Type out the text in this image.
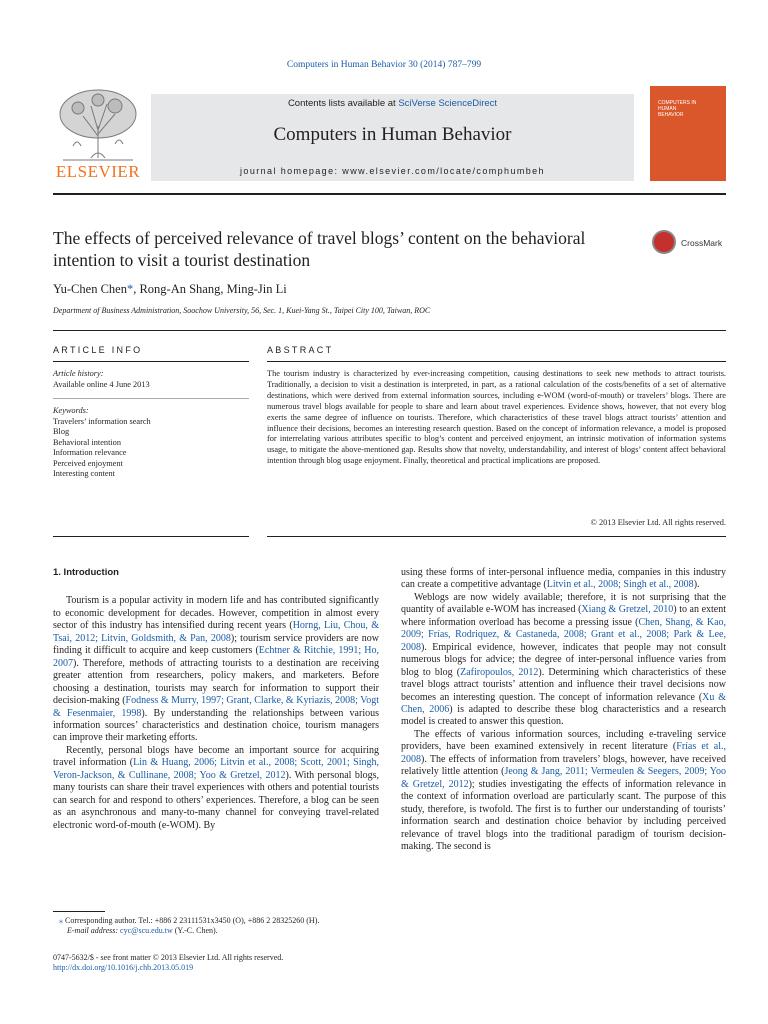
Computers in Human Behavior 30 (2014) 787–799
ELSEVIER
Contents lists available at SciVerse ScienceDirect
Computers in Human Behavior
journal homepage: www.elsevier.com/locate/comphumbeh
COMPUTERS IN HUMAN BEHAVIOR
The effects of perceived relevance of travel blogs’ content on the behavioral intention to visit a tourist destination
CrossMark
Yu-Chen Chen*, Rong-An Shang, Ming-Jin Li
Department of Business Administration, Soochow University, 56, Sec. 1, Kuei-Yang St., Taipei City 100, Taiwan, ROC
ARTICLE INFO	ABSTRACT
Article history:
Available online 4 June 2013
Keywords:
Travelers’ information search
Blog
Behavioral intention
Information relevance
Perceived enjoyment
Interesting content
The tourism industry is characterized by ever-increasing competition, causing destinations to seek new methods to attract tourists. Traditionally, a decision to visit a destination is interpreted, in part, as a rational calculation of the costs/benefits of a set of alternative destinations, which were derived from external information sources, including e-WOM (word-of-mouth) or travelers’ blogs. There are numerous travel blogs available for people to share and learn about travel experiences. Evidence shows, however, that not every blog exerts the same degree of influence on tourists. Therefore, which characteristics of these travel blogs attract tourists’ attention and influence their decisions, becomes an interesting research question. Based on the concept of information relevance, a model is proposed for interrelating various attributes specific to blog’s content and perceived enjoyment, an intrinsic motivation of information systems usage, to mitigate the above-mentioned gap. Results show that novelty, understandability, and interest of blogs’ content affect behavioral intention through blog usage enjoyment. Finally, theoretical and practical implications are proposed.
© 2013 Elsevier Ltd. All rights reserved.

1. Introduction

Tourism is a popular activity in modern life and has contributed significantly to economic development for decades. However, competition in almost every sector of this industry has intensified during recent years (Horng, Liu, Chou, & Tsai, 2012; Litvin, Goldsmith, & Pan, 2008); tourism service providers are now finding it difficult to acquire and keep customers (Echtner & Ritchie, 1991; Ho, 2007). Therefore, methods of attracting tourists to a destination are receiving greater attention from researchers, policy makers, and marketers. Before choosing a destination, tourists may search for information to support their decision-making (Fodness & Murry, 1997; Grant, Clarke, & Kyriazis, 2008; Vogt & Fesenmaier, 1998). By understanding the relationships between various information sources’ characteristics and destination choice, tourism managers can improve their marketing efforts.

Recently, personal blogs have become an important source for acquiring travel information (Lin & Huang, 2006; Litvin et al., 2008; Scott, 2001; Singh, Veron-Jackson, & Cullinane, 2008; Yoo & Gretzel, 2012). With personal blogs, many tourists can share their travel experiences with others and potential tourists can search for and respond to others’ experiences. Therefore, a blog can be seen as an asynchronous and many-to-many channel for conveying travel-related electronic word-of-mouth (e-WOM). By

using these forms of inter-personal influence media, companies in this industry can create a competitive advantage (Litvin et al., 2008; Singh et al., 2008).

Weblogs are now widely available; therefore, it is not surprising that the quantity of available e-WOM has increased (Xiang & Gretzel, 2010) to an extent where information overload has become a pressing issue (Chen, Shang, & Kao, 2009; Frías, Rodriquez, & Castaneda, 2008; Grant et al., 2008; Park & Lee, 2008). Empirical evidence, however, indicates that people may not consult numerous blogs for advice; the degree of inter-personal influence varies from blog to blog (Zafiropoulos, 2012). Determining which characteristics of these travel blogs attract tourists’ attention and influence their travel decisions now becomes an interesting question. The concept of information relevance (Xu & Chen, 2006) is adapted to describe these blog characteristics and a research model is created to answer this question.

The effects of various information sources, including e-traveling service providers, have been examined extensively in recent literature (Frías et al., 2008). The effects of information from travelers’ blogs, however, have received relatively little attention (Jeong & Jang, 2011; Vermeulen & Seegers, 2009; Yoo & Gretzel, 2012); studies investigating the effects of information relevance in the context of information overload are particularly scant. The purpose of this study, therefore, is twofold. The first is to further our understanding of tourists’ information search and destination choice behavior by including perceived relevance of travel blogs into the traditional paradigm of tourism decision-making. The second is

⁎ Corresponding author. Tel.: +886 2 23111531x3450 (O), +886 2 28325260 (H).
E-mail address: cyc@scu.edu.tw (Y.-C. Chen).
0747-5632/$ - see front matter © 2013 Elsevier Ltd. All rights reserved.
http://dx.doi.org/10.1016/j.chb.2013.05.019
